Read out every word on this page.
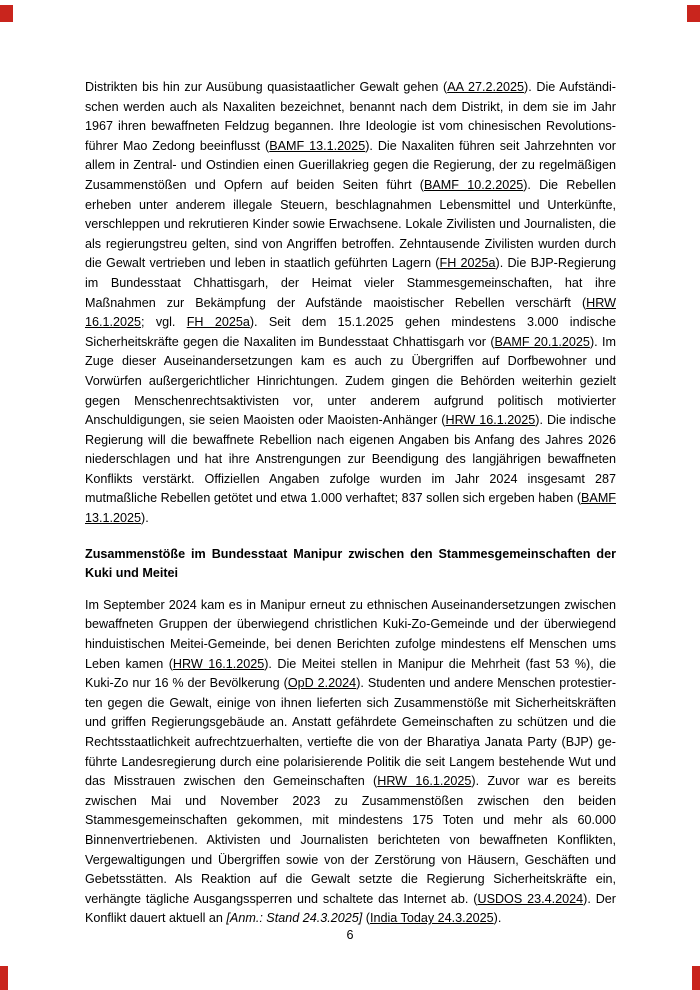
Distrikten bis hin zur Ausübung quasistaatlicher Gewalt gehen (AA 27.2.2025). Die Aufständischen werden auch als Naxaliten bezeichnet, benannt nach dem Distrikt, in dem sie im Jahr 1967 ihren bewaffneten Feldzug begannen. Ihre Ideologie ist vom chinesischen Revolutionsführer Mao Zedong beeinflusst (BAMF 13.1.2025). Die Naxaliten führen seit Jahrzehnten vor allem in Zentral- und Ostindien einen Guerillakrieg gegen die Regierung, der zu regelmäßigen Zusammenstößen und Opfern auf beiden Seiten führt (BAMF 10.2.2025). Die Rebellen erheben unter anderem illegale Steuern, beschlagnahmen Lebensmittel und Unterkünfte, verschleppen und rekrutieren Kinder sowie Erwachsene. Lokale Zivilisten und Journalisten, die als regierungstreu gelten, sind von Angriffen betroffen. Zehntausende Zivilisten wurden durch die Gewalt vertrieben und leben in staatlich geführten Lagern (FH 2025a). Die BJP-Regierung im Bundesstaat Chhattisgarh, der Heimat vieler Stammesgemeinschaften, hat ihre Maßnahmen zur Bekämpfung der Aufstände maoistischer Rebellen verschärft (HRW 16.1.2025; vgl. FH 2025a). Seit dem 15.1.2025 gehen mindestens 3.000 indische Sicherheitskräfte gegen die Naxaliten im Bundesstaat Chhattisgarh vor (BAMF 20.1.2025). Im Zuge dieser Auseinandersetzungen kam es auch zu Übergriffen auf Dorfbewohner und Vorwürfen außergerichtlicher Hinrichtungen. Zudem gingen die Behörden weiterhin gezielt gegen Menschenrechtsaktivisten vor, unter anderem aufgrund politisch motivierter Anschuldigungen, sie seien Maoisten oder Maoisten-Anhänger (HRW 16.1.2025). Die indische Regierung will die bewaffnete Rebellion nach eigenen Angaben bis Anfang des Jahres 2026 niederschlagen und hat ihre Anstrengungen zur Beendigung des langjährigen bewaffneten Konflikts verstärkt. Offiziellen Angaben zufolge wurden im Jahr 2024 insgesamt 287 mutmaßliche Rebellen getötet und etwa 1.000 verhaftet; 837 sollen sich ergeben haben (BAMF 13.1.2025).

Zusammenstöße im Bundesstaat Manipur zwischen den Stammesgemeinschaften der Kuki und Meitei

Im September 2024 kam es in Manipur erneut zu ethnischen Auseinandersetzungen zwischen bewaffneten Gruppen der überwiegend christlichen Kuki-Zo-Gemeinde und der überwiegend hinduistischen Meitei-Gemeinde, bei denen Berichten zufolge mindestens elf Menschen ums Leben kamen (HRW 16.1.2025). Die Meitei stellen in Manipur die Mehrheit (fast 53 %), die Kuki-Zo nur 16 % der Bevölkerung (OpD 2.2024). Studenten und andere Menschen protestierten gegen die Gewalt, einige von ihnen lieferten sich Zusammenstöße mit Sicherheitskräften und griffen Regierungsgebäude an. Anstatt gefährdete Gemeinschaften zu schützen und die Rechtsstaatlichkeit aufrechtzuerhalten, vertiefte die von der Bharatiya Janata Party (BJP) geführte Landesregierung durch eine polarisierende Politik die seit Langem bestehende Wut und das Misstrauen zwischen den Gemeinschaften (HRW 16.1.2025). Zuvor war es bereits zwischen Mai und November 2023 zu Zusammenstößen zwischen den beiden Stammesgemeinschaften gekommen, mit mindestens 175 Toten und mehr als 60.000 Binnenvertriebenen. Aktivisten und Journalisten berichteten von bewaffneten Konflikten, Vergewaltigungen und Übergriffen sowie von der Zerstörung von Häusern, Geschäften und Gebetsstätten. Als Reaktion auf die Gewalt setzte die Regierung Sicherheitskräfte ein, verhängte tägliche Ausgangssperren und schaltete das Internet ab. (USDOS 23.4.2024). Der Konflikt dauert aktuell an [Anm.: Stand 24.3.2025] (India Today 24.3.2025).

6
